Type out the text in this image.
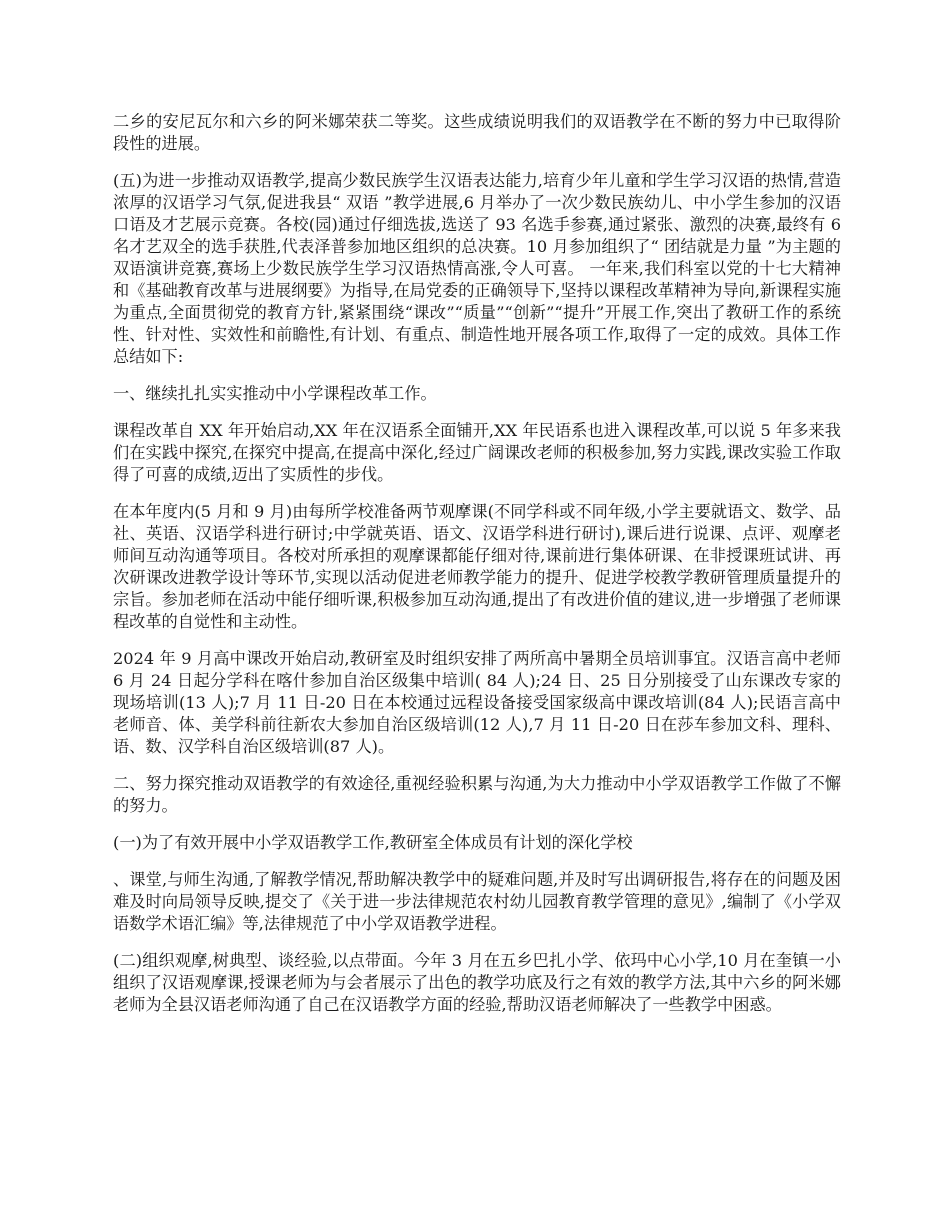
二乡的安尼瓦尔和六乡的阿米娜荣获二等奖。这些成绩说明我们的双语教学在不断的努力中已取得阶段性的进展。

(五)为进一步推动双语教学,提高少数民族学生汉语表达能力,培育少年儿童和学生学习汉语的热情,营造浓厚的汉语学习气氛,促进我县“ 双语 ”教学进展,6 月举办了一次少数民族幼儿、中小学生参加的汉语口语及才艺展示竞赛。各校(园)通过仔细选拔,选送了 93 名选手参赛,通过紧张、激烈的决赛,最终有 6 名才艺双全的选手获胜,代表泽普参加地区组织的总决赛。10 月参加组织了“ 团结就是力量 ”为主题的双语演讲竞赛,赛场上少数民族学生学习汉语热情高涨,令人可喜。 一年来,我们科室以党的十七大精神和《基础教育改革与进展纲要》为指导,在局党委的正确领导下,坚持以课程改革精神为导向,新课程实施为重点,全面贯彻党的教育方针,紧紧围绕“课改”“质量”“创新”“提升”开展工作,突出了教研工作的系统性、针对性、实效性和前瞻性,有计划、有重点、制造性地开展各项工作,取得了一定的成效。具体工作总结如下:

一、继续扎扎实实推动中小学课程改革工作。

课程改革自 XX 年开始启动,XX 年在汉语系全面铺开,XX 年民语系也进入课程改革,可以说 5 年多来我们在实践中探究,在探究中提高,在提高中深化,经过广阔课改老师的积极参加,努力实践,课改实验工作取得了可喜的成绩,迈出了实质性的步伐。

在本年度内(5 月和 9 月)由每所学校准备两节观摩课(不同学科或不同年级,小学主要就语文、数学、品社、英语、汉语学科进行研讨;中学就英语、语文、汉语学科进行研讨),课后进行说课、点评、观摩老师间互动沟通等项目。各校对所承担的观摩课都能仔细对待,课前进行集体研课、在非授课班试讲、再次研课改进教学设计等环节,实现以活动促进老师教学能力的提升、促进学校教学教研管理质量提升的宗旨。参加老师在活动中能仔细听课,积极参加互动沟通,提出了有改进价值的建议,进一步增强了老师课程改革的自觉性和主动性。

2024 年 9 月高中课改开始启动,教研室及时组织安排了两所高中暑期全员培训事宜。汉语言高中老师 6 月 24 日起分学科在喀什参加自治区级集中培训( 84 人);24 日、25 日分别接受了山东课改专家的现场培训(13 人);7 月 11 日-20 日在本校通过远程设备接受国家级高中课改培训(84 人);民语言高中老师音、体、美学科前往新农大参加自治区级培训(12 人),7 月 11 日-20 日在莎车参加文科、理科、语、数、汉学科自治区级培训(87 人)。

二、努力探究推动双语教学的有效途径,重视经验积累与沟通,为大力推动中小学双语教学工作做了不懈的努力。

(一)为了有效开展中小学双语教学工作,教研室全体成员有计划的深化学校

、课堂,与师生沟通,了解教学情况,帮助解决教学中的疑难问题,并及时写出调研报告,将存在的问题及困难及时向局领导反映,提交了《关于进一步法律规范农村幼儿园教育教学管理的意见》,编制了《小学双语数学术语汇编》等,法律规范了中小学双语教学进程。

(二)组织观摩,树典型、谈经验,以点带面。今年 3 月在五乡巴扎小学、依玛中心小学,10 月在奎镇一小组织了汉语观摩课,授课老师为与会者展示了出色的教学功底及行之有效的教学方法,其中六乡的阿米娜老师为全县汉语老师沟通了自己在汉语教学方面的经验,帮助汉语老师解决了一些教学中困惑。
